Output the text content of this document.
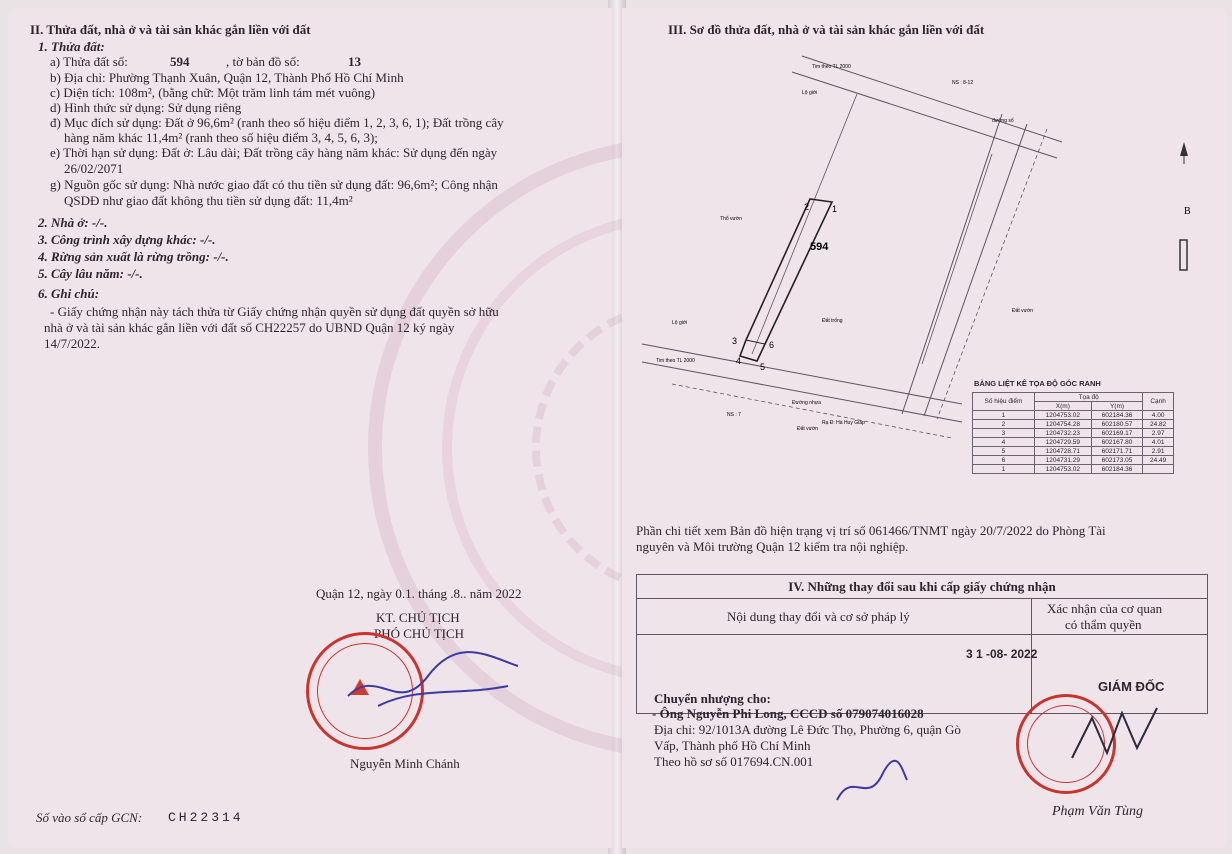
II. Thửa đất, nhà ở và tài sản khác gắn liền với đất
1. Thửa đất:
a) Thửa đất số:	594	, tờ bản đồ số:	13
b) Địa chỉ: Phường Thạnh Xuân, Quận 12, Thành Phố Hồ Chí Minh
c) Diện tích: 108m², (bằng chữ: Một trăm linh tám mét vuông)
d) Hình thức sử dụng: Sử dụng riêng
đ) Mục đích sử dụng: Đất ở 96,6m² (ranh theo số hiệu điểm 1, 2, 3, 6, 1); Đất trồng cây
hàng năm khác 11,4m² (ranh theo số hiệu điểm 3, 4, 5, 6, 3);
e) Thời hạn sử dụng: Đất ở: Lâu dài; Đất trồng cây hàng năm khác: Sử dụng đến ngày
26/02/2071
g) Nguồn gốc sử dụng: Nhà nước giao đất có thu tiền sử dụng đất: 96,6m²; Công nhận
QSDĐ như giao đất không thu tiền sử dụng đất: 11,4m²
2. Nhà ở: -/-.
3. Công trình xây dựng khác: -/-.
4. Rừng sản xuất là rừng trồng: -/-.
5. Cây lâu năm: -/-.
6. Ghi chú:
- Giấy chứng nhận này tách thửa từ Giấy chứng nhận quyền sử dụng đất quyền sở hữu
nhà ở và tài sản khác gắn liền với đất số CH22257 do UBND Quận 12 ký ngày
14/7/2022.
Quận 12, ngày 0.1. tháng .8.. năm 2022
KT. CHỦ TỊCH
PHÓ CHỦ TỊCH
Nguyễn Minh Chánh
Số vào sổ cấp GCN: CH22314
III. Sơ đồ thửa đất, nhà ở và tài sản khác gắn liền với đất
2	1
3
4
5
6
594
B
Tim theo TL 2000
NS : 8-12
Lộ giới
đường số
Thổ vườn
Đất vườn
Đất trống
Lộ giới
Tim theo TL 2000
Đường nhựa
Rạ Đ: Hà Huy Giáp
NS : 7
Đất vườn
BẢNG LIỆT KÊ TỌA ĐỘ GÓC RANH
Số hiệu điểm	Tọa độ		Cạnh
	X(m)	Y(m)	
1	1204753.02	602184.36	4.00
2	1204754.28	602180.57	24.82
3	1204732.23	602169.17	2.97
4	1204729.59	602167.80	4.01
5	1204728.71	602171.71	2.91
6	1204731.29	602173.05	24.49
1	1204753.02	602184.36	
Phần chi tiết xem Bản đồ hiện trạng vị trí số 061466/TNMT ngày 20/7/2022 do Phòng Tài
nguyên và Môi trường Quận 12 kiểm tra nội nghiệp.
IV. Những thay đổi sau khi cấp giấy chứng nhận
Nội dung thay đổi và cơ sở pháp lý
Xác nhận của cơ quan
có thẩm quyền
3 1 -08- 2022
GIÁM ĐỐC
Chuyển nhượng cho:
- Ông Nguyễn Phi Long, CCCD số 079074016028
Địa chỉ: 92/1013A đường Lê Đức Thọ, Phường 6, quận Gò
Vấp, Thành phố Hồ Chí Minh
Theo hồ sơ số 017694.CN.001
Phạm Văn Tùng
